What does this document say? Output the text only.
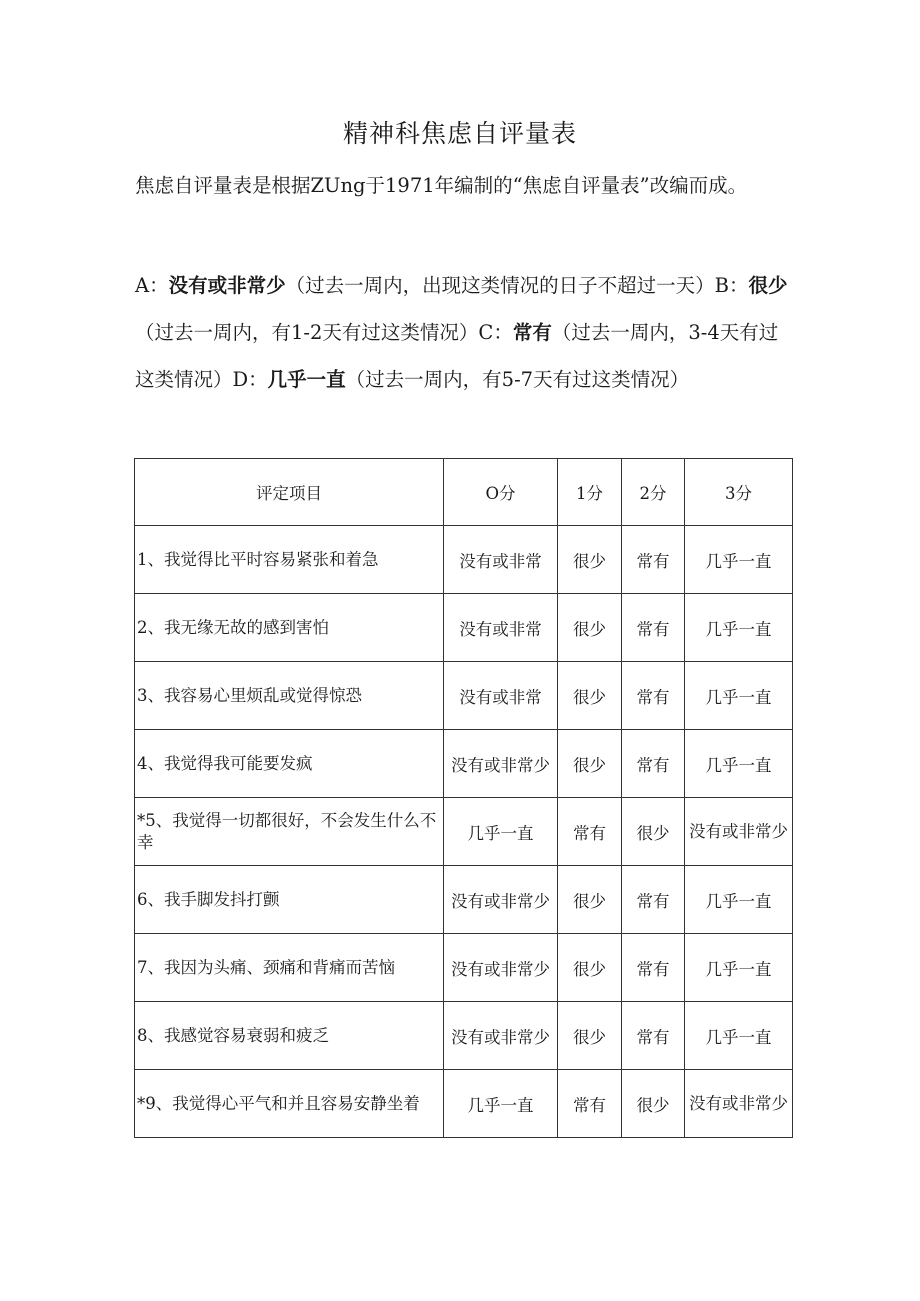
精神科焦虑自评量表
焦虑自评量表是根据ZUng于1971年编制的“焦虑自评量表”改编而成。
A：没有或非常少（过去一周内，出现这类情况的日子不超过一天）B：很少（过去一周内，有1-2天有过这类情况）C：常有（过去一周内，3-4天有过这类情况）D：几乎一直（过去一周内，有5-7天有过这类情况）
评定项目	O分	1分	2分	3分
1、我觉得比平时容易紧张和着急	没有或非常	很少	常有	几乎一直
2、我无缘无故的感到害怕	没有或非常	很少	常有	几乎一直
3、我容易心里烦乱或觉得惊恐	没有或非常	很少	常有	几乎一直
4、我觉得我可能要发疯	没有或非常少	很少	常有	几乎一直
*5、我觉得一切都很好，不会发生什么不幸	几乎一直	常有	很少	没有或非常少
6、我手脚发抖打颤	没有或非常少	很少	常有	几乎一直
7、我因为头痛、颈痛和背痛而苦恼	没有或非常少	很少	常有	几乎一直
8、我感觉容易衰弱和疲乏	没有或非常少	很少	常有	几乎一直
*9、我觉得心平气和并且容易安静坐着	几乎一直	常有	很少	没有或非常少
